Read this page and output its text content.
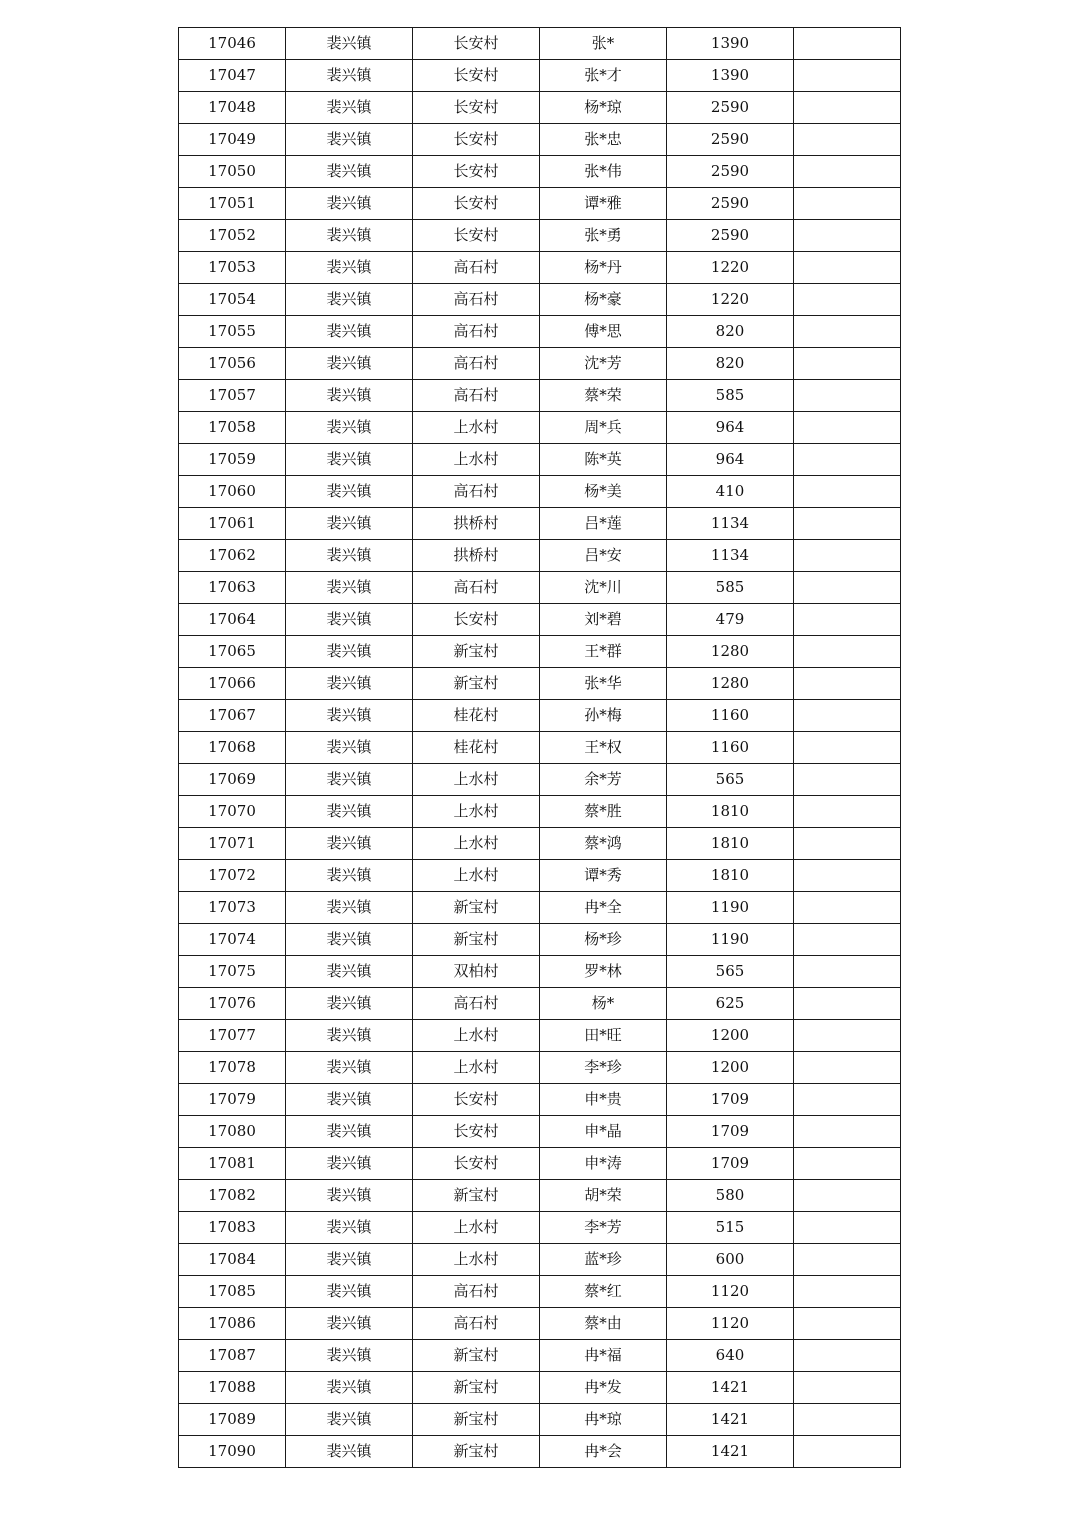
17046	裴兴镇	长安村	张*	1390	
17047	裴兴镇	长安村	张*才	1390	
17048	裴兴镇	长安村	杨*琼	2590	
17049	裴兴镇	长安村	张*忠	2590	
17050	裴兴镇	长安村	张*伟	2590	
17051	裴兴镇	长安村	谭*雅	2590	
17052	裴兴镇	长安村	张*勇	2590	
17053	裴兴镇	高石村	杨*丹	1220	
17054	裴兴镇	高石村	杨*豪	1220	
17055	裴兴镇	高石村	傅*思	820	
17056	裴兴镇	高石村	沈*芳	820	
17057	裴兴镇	高石村	蔡*荣	585	
17058	裴兴镇	上水村	周*兵	964	
17059	裴兴镇	上水村	陈*英	964	
17060	裴兴镇	高石村	杨*美	410	
17061	裴兴镇	拱桥村	吕*莲	1134	
17062	裴兴镇	拱桥村	吕*安	1134	
17063	裴兴镇	高石村	沈*川	585	
17064	裴兴镇	长安村	刘*碧	479	
17065	裴兴镇	新宝村	王*群	1280	
17066	裴兴镇	新宝村	张*华	1280	
17067	裴兴镇	桂花村	孙*梅	1160	
17068	裴兴镇	桂花村	王*权	1160	
17069	裴兴镇	上水村	余*芳	565	
17070	裴兴镇	上水村	蔡*胜	1810	
17071	裴兴镇	上水村	蔡*鸿	1810	
17072	裴兴镇	上水村	谭*秀	1810	
17073	裴兴镇	新宝村	冉*全	1190	
17074	裴兴镇	新宝村	杨*珍	1190	
17075	裴兴镇	双柏村	罗*林	565	
17076	裴兴镇	高石村	杨*	625	
17077	裴兴镇	上水村	田*旺	1200	
17078	裴兴镇	上水村	李*珍	1200	
17079	裴兴镇	长安村	申*贵	1709	
17080	裴兴镇	长安村	申*晶	1709	
17081	裴兴镇	长安村	申*涛	1709	
17082	裴兴镇	新宝村	胡*荣	580	
17083	裴兴镇	上水村	李*芳	515	
17084	裴兴镇	上水村	蓝*珍	600	
17085	裴兴镇	高石村	蔡*红	1120	
17086	裴兴镇	高石村	蔡*由	1120	
17087	裴兴镇	新宝村	冉*福	640	
17088	裴兴镇	新宝村	冉*发	1421	
17089	裴兴镇	新宝村	冉*琼	1421	
17090	裴兴镇	新宝村	冉*会	1421	
